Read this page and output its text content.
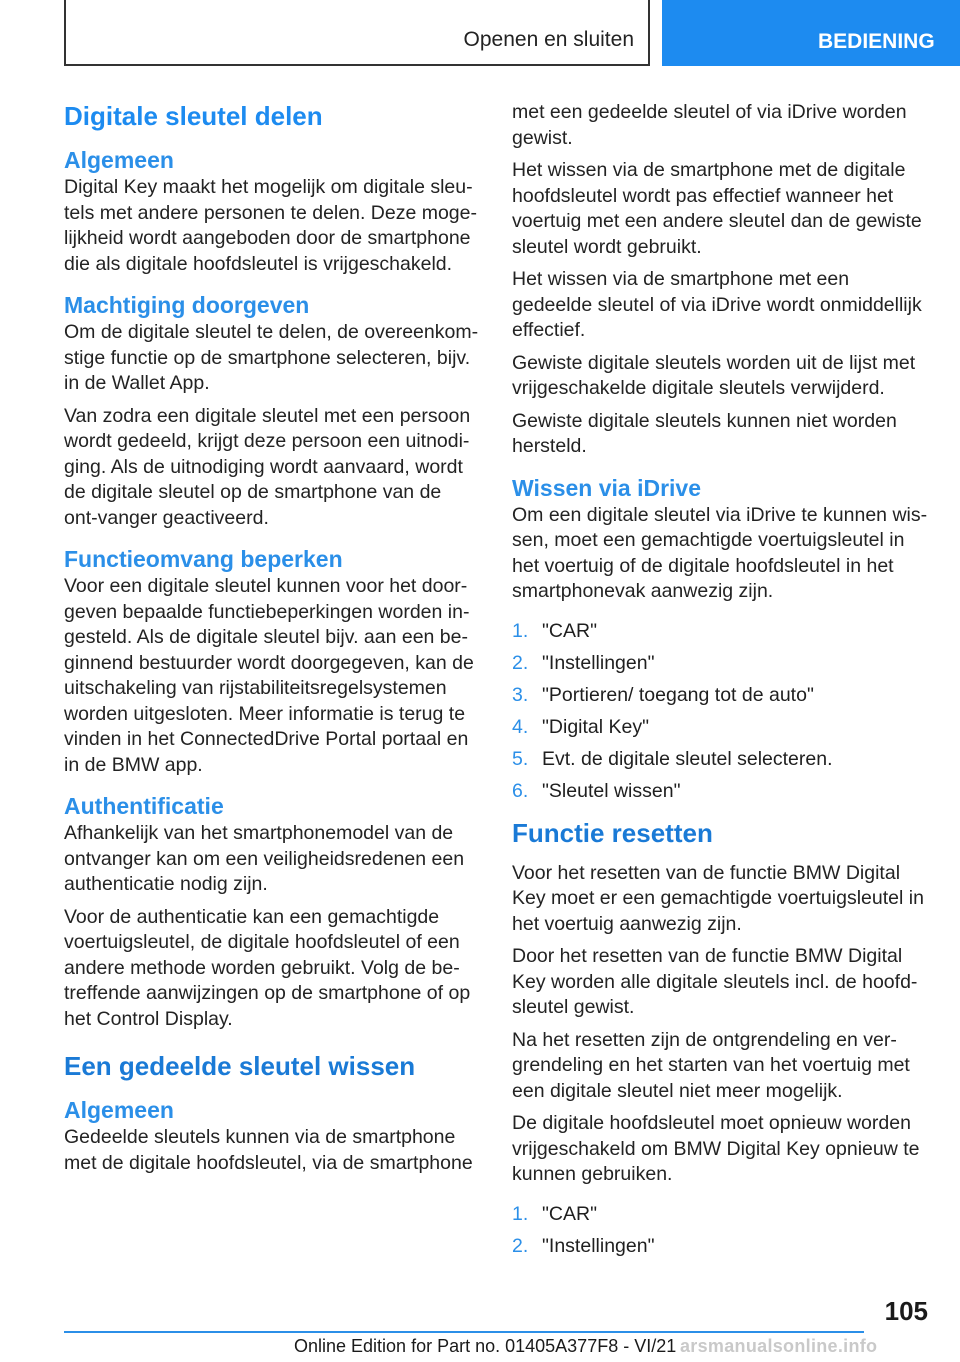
Openen en sluiten	BEDIENING
Digitale sleutel delen
Algemeen

Digital Key maakt het mogelijk om digitale sleu-tels met andere personen te delen. Deze moge-lijkheid wordt aangeboden door de smartphone die als digitale hoofdsleutel is vrijgeschakeld.

Machtiging doorgeven

Om de digitale sleutel te delen, de overeenkom-stige functie op de smartphone selecteren, bijv. in de Wallet App.

Van zodra een digitale sleutel met een persoon wordt gedeeld, krijgt deze persoon een uitnodi-ging. Als de uitnodiging wordt aanvaard, wordt de digitale sleutel op de smartphone van de ont-vanger geactiveerd.

Functieomvang beperken

Voor een digitale sleutel kunnen voor het door-geven bepaalde functiebeperkingen worden in-gesteld. Als de digitale sleutel bijv. aan een be-ginnend bestuurder wordt doorgegeven, kan de uitschakeling van rijstabiliteitsregelsystemen worden uitgesloten. Meer informatie is terug te vinden in het ConnectedDrive Portal portaal en in de BMW app.

Authentificatie

Afhankelijk van het smartphonemodel van de ontvanger kan om een veiligheidsredenen een authenticatie nodig zijn.

Voor de authenticatie kan een gemachtigde voertuigsleutel, de digitale hoofdsleutel of een andere methode worden gebruikt. Volg de be-treffende aanwijzingen op de smartphone of op het Control Display.

Een gedeelde sleutel wissen
Algemeen

Gedeelde sleutels kunnen via de smartphone met de digitale hoofdsleutel, via de smartphone

met een gedeelde sleutel of via iDrive worden gewist.

Het wissen via de smartphone met de digitale hoofdsleutel wordt pas effectief wanneer het voertuig met een andere sleutel dan de gewiste sleutel wordt gebruikt.

Het wissen via de smartphone met een gedeelde sleutel of via iDrive wordt onmiddellijk effectief.

Gewiste digitale sleutels worden uit de lijst met vrijgeschakelde digitale sleutels verwijderd.

Gewiste digitale sleutels kunnen niet worden hersteld.

Wissen via iDrive

Om een digitale sleutel via iDrive te kunnen wis-sen, moet een gemachtigde voertuigsleutel in het voertuig of de digitale hoofdsleutel in het smartphonevak aanwezig zijn.

1. "CAR"
2. "Instellingen"
3. "Portieren/ toegang tot de auto"
4. "Digital Key"
5. Evt. de digitale sleutel selecteren.
6. "Sleutel wissen"
Functie resetten

Voor het resetten van de functie BMW Digital Key moet er een gemachtigde voertuigsleutel in het voertuig aanwezig zijn.

Door het resetten van de functie BMW Digital Key worden alle digitale sleutels incl. de hoofd-sleutel gewist.

Na het resetten zijn de ontgrendeling en ver-grendeling en het starten van het voertuig met een digitale sleutel niet meer mogelijk.

De digitale hoofdsleutel moet opnieuw worden vrijgeschakeld om BMW Digital Key opnieuw te kunnen gebruiken.

1. "CAR"
2. "Instellingen"
105
Online Edition for Part no. 01405A377F8 - VI/21 arsmanualsonline.info
